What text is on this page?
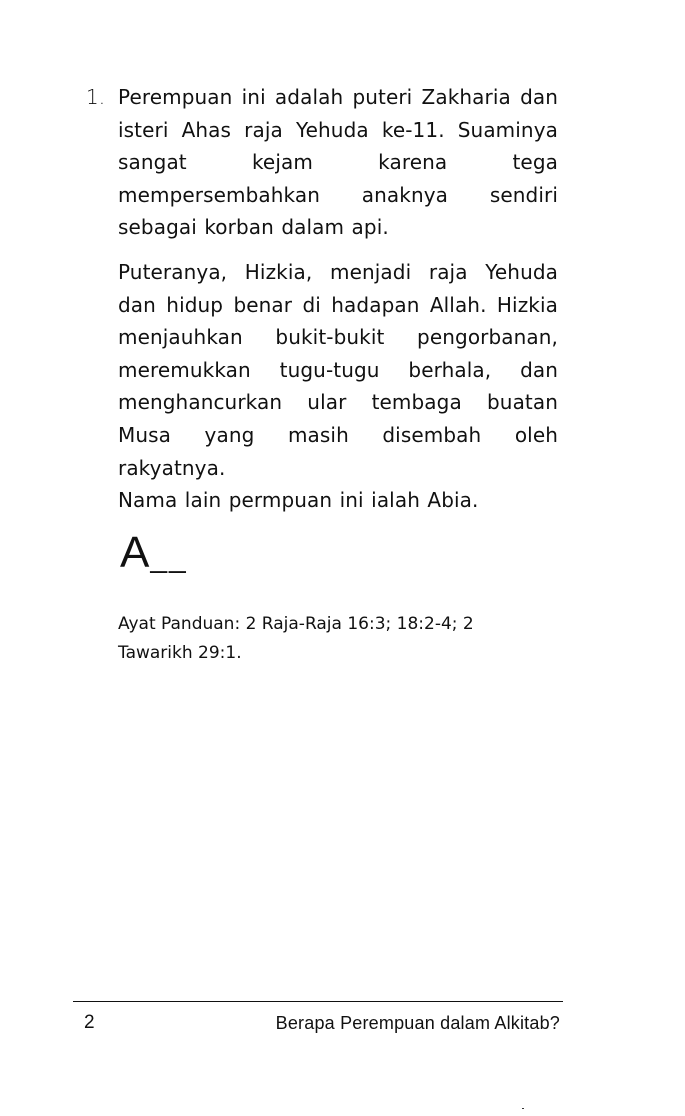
1. Perempuan ini adalah puteri Zakharia dan isteri Ahas raja Yehuda ke-11. Suaminya sangat kejam karena tega mempersembahkan anaknya sendiri sebagai korban dalam api.

Puteranya, Hizkia, menjadi raja Yehuda dan hidup benar di hadapan Allah. Hizkia menjauhkan bukit-bukit pengorbanan, meremukkan tugu-tugu berhala, dan menghancurkan ular tembaga buatan Musa yang masih disembah oleh rakyatnya.

Nama lain permpuan ini ialah Abia.

A__
Ayat Panduan: 2 Raja-Raja 16:3; 18:2-4; 2 Tawarikh 29:1.
2	Berapa Perempuan dalam Alkitab?
